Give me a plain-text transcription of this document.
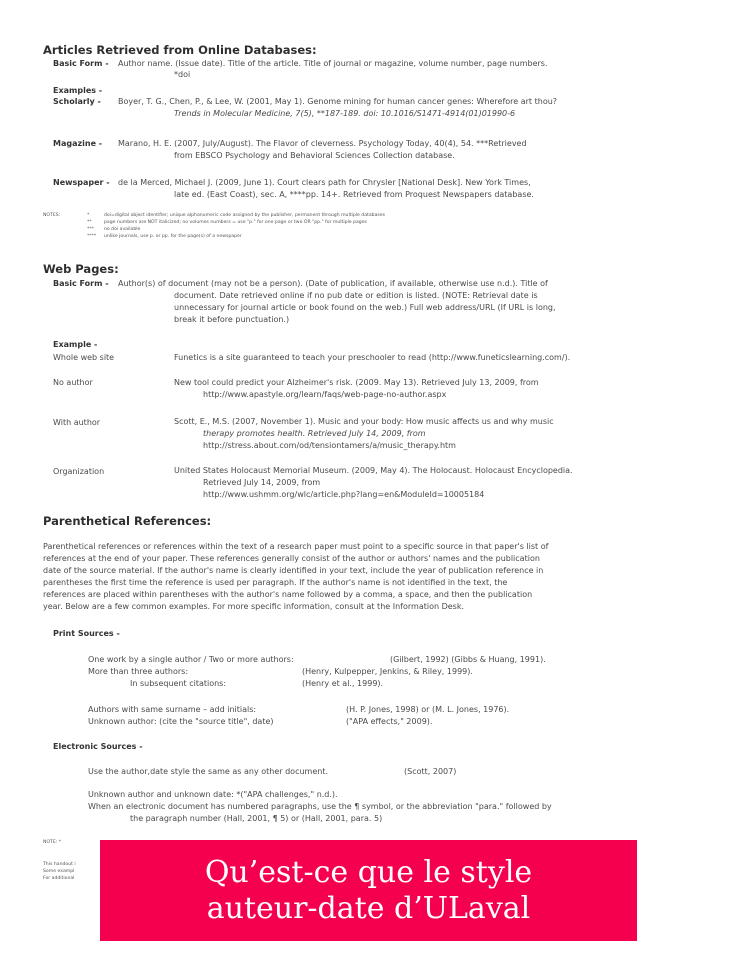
Articles Retrieved from Online Databases:
Basic Form - Author name. (Issue date). Title of the article. Title of journal or magazine, volume number, page numbers.
*doi
Examples -
Scholarly - Boyer, T. G., Chen, P., & Lee, W. (2001, May 1). Genome mining for human cancer genes: Wherefore art thou?
Trends in Molecular Medicine, 7(5), **187-189. doi: 10.1016/S1471-4914(01)01990-6
Magazine - Marano, H. E. (2007, July/August). The Flavor of cleverness. Psychology Today, 40(4), 54. ***Retrieved
from EBSCO Psychology and Behavioral Sciences Collection database.
Newspaper - de la Merced, Michael J. (2009, June 1). Court clears path for Chrysler [National Desk]. New York Times,
late ed. (East Coast), sec. A, ****pp. 14+. Retrieved from Proquest Newspapers database.
NOTES:	*	doi=digital object identifier; unique alphanumeric code assigned by the publisher, permanent through multiple databases
**	page numbers are NOT italicized; no volumes numbers = use "p." for one page or two OR "pp." for multiple pages
*** no doi available
**** unlike journals, use p. or pp. for the page(s) of a newspaper
Web Pages:
Basic Form - Author(s) of document (may not be a person). (Date of publication, if available, otherwise use n.d.). Title of
document. Date retrieved online if no pub date or edition is listed. (NOTE: Retrieval date is
unnecessary for journal article or book found on the web.) Full web address/URL (If URL is long,
break it before punctuation.)
Example -
Whole web site	Funetics is a site guaranteed to teach your preschooler to read (http://www.funeticslearning.com/).
No author	New tool could predict your Alzheimer's risk. (2009. May 13). Retrieved July 13, 2009, from
http://www.apastyle.org/learn/faqs/web-page-no-author.aspx
With author	Scott, E., M.S. (2007, November 1). Music and your body: How music affects us and why music
therapy promotes health. Retrieved July 14, 2009, from
http://stress.about.com/od/tensiontamers/a/music_therapy.htm
Organization	United States Holocaust Memorial Museum. (2009, May 4). The Holocaust. Holocaust Encyclopedia.
Retrieved July 14, 2009, from
http://www.ushmm.org/wlc/article.php?lang=en&ModuleId=10005184
Parenthetical References:
Parenthetical references or references within the text of a research paper must point to a specific source in that paper's list of
references at the end of your paper. These references generally consist of the author or authors' names and the publication
date of the source material. If the author's name is clearly identified in your text, include the year of publication reference in
parentheses the first time the reference is used per paragraph. If the author's name is not identified in the text, the
references are placed within parentheses with the author's name followed by a comma, a space, and then the publication
year. Below are a few common examples. For more specific information, consult at the Information Desk.
Print Sources -
One work by a single author / Two or more authors:	(Gilbert, 1992) (Gibbs & Huang, 1991).
More than three authors:	(Henry, Kulpepper, Jenkins, & Riley, 1999).
In subsequent citations:	(Henry et al., 1999).
Authors with same surname – add initials:	(H. P. Jones, 1998) or (M. L. Jones, 1976).
Unknown author: (cite the "source title", date)	("APA effects," 2009).
Electronic Sources -
Use the author,date style the same as any other document.	(Scott, 2007)
Unknown author and unknown date: *("APA challenges," n.d.).
When an electronic document has numbered paragraphs, use the ¶ symbol, or the abbreviation "para." followed by
the paragraph number (Hall, 2001, ¶ 5) or (Hall, 2001, para. 5)
NOTE: *
This handout i
Some exampl
For additional	Qu’est-ce que le style
auteur-date d’ULaval
